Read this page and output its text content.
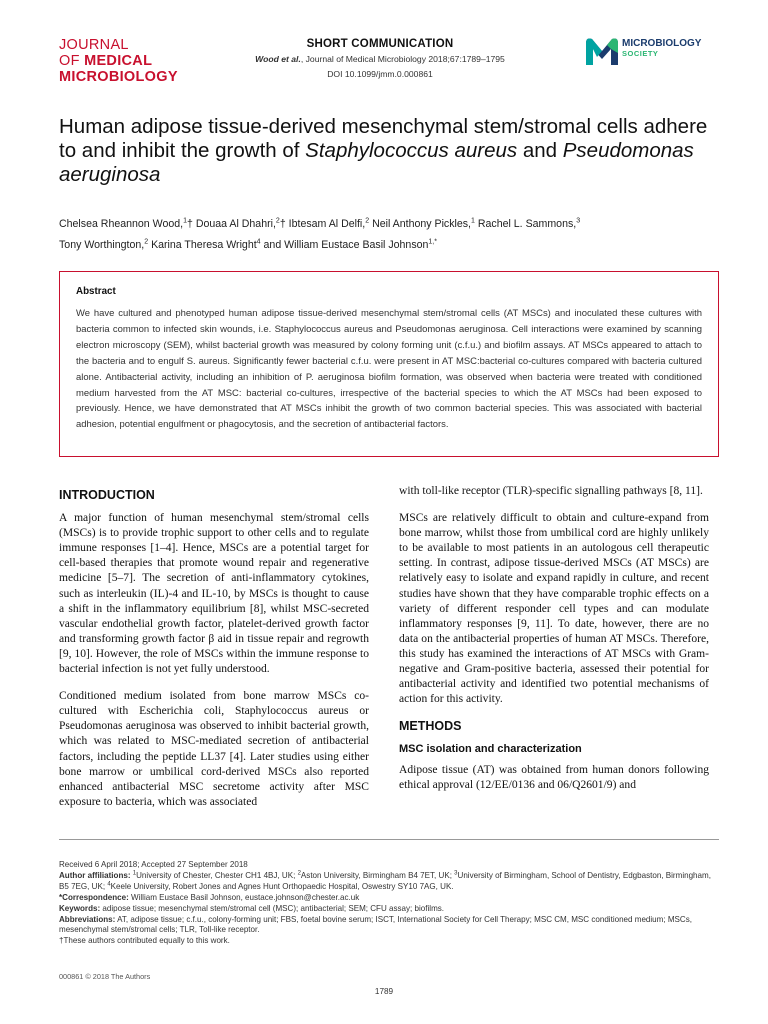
JOURNAL
OF MEDICAL
MICROBIOLOGY
SHORT COMMUNICATION
Wood et al., Journal of Medical Microbiology 2018;67:1789–1795
DOI 10.1099/jmm.0.000861
MICROBIOLOGY
SOCIETY
Human adipose tissue-derived mesenchymal stem/stromal cells adhere to and inhibit the growth of Staphylococcus aureus and Pseudomonas aeruginosa
Chelsea Rheannon Wood,$^1$† Douaa Al Dhahri,$^2$† Ibtesam Al Delfi,$^2$ Neil Anthony Pickles,$^1$ Rachel L. Sammons,$^3$
Tony Worthington,$^2$ Karina Theresa Wright$^4$ and William Eustace Basil Johnson$^{1,*}$
Abstract
We have cultured and phenotyped human adipose tissue-derived mesenchymal stem/stromal cells (AT MSCs) and inoculated these cultures with bacteria common to infected skin wounds, i.e. Staphylococcus aureus and Pseudomonas aeruginosa. Cell interactions were examined by scanning electron microscopy (SEM), whilst bacterial growth was measured by colony forming unit (c.f.u.) and biofilm assays. AT MSCs appeared to attach to the bacteria and to engulf S. aureus. Significantly fewer bacterial c.f.u. were present in AT MSC:bacterial co-cultures compared with bacteria cultured alone. Antibacterial activity, including an inhibition of P. aeruginosa biofilm formation, was observed when bacteria were treated with conditioned medium harvested from the AT MSC: bacterial co-cultures, irrespective of the bacterial species to which the AT MSCs had been exposed to previously. Hence, we have demonstrated that AT MSCs inhibit the growth of two common bacterial species. This was associated with bacterial adhesion, potential engulfment or phagocytosis, and the secretion of antibacterial factors.
INTRODUCTION

A major function of human mesenchymal stem/stromal cells (MSCs) is to provide trophic support to other cells and to regulate immune responses [1–4]. Hence, MSCs are a potential target for cell-based therapies that promote wound repair and regenerative medicine [5–7]. The secretion of anti-inflammatory cytokines, such as interleukin (IL)-4 and IL-10, by MSCs is thought to cause a shift in the inflammatory equilibrium [8], whilst MSC-secreted vascular endothelial growth factor, platelet-derived growth factor and transforming growth factor β aid in tissue repair and regrowth [9, 10]. However, the role of MSCs within the immune response to bacterial infection is not yet fully understood.

Conditioned medium isolated from bone marrow MSCs co-cultured with Escherichia coli, Staphylococcus aureus or Pseudomonas aeruginosa was observed to inhibit bacterial growth, which was related to MSC-mediated secretion of antibacterial factors, including the peptide LL37 [4]. Later studies using either bone marrow or umbilical cord-derived MSCs also reported enhanced antibacterial MSC secretome activity after MSC exposure to bacteria, which was associated

with toll-like receptor (TLR)-specific signalling pathways [8, 11].

MSCs are relatively difficult to obtain and culture-expand from bone marrow, whilst those from umbilical cord are highly unlikely to be available to most patients in an autologous cell therapeutic setting. In contrast, adipose tissue-derived MSCs (AT MSCs) are relatively easy to isolate and expand rapidly in culture, and recent studies have shown that they have comparable trophic effects on a variety of different responder cell types and can modulate inflammatory responses [9, 11]. To date, however, there are no data on the antibacterial properties of human AT MSCs. Therefore, this study has examined the interactions of AT MSCs with Gram-negative and Gram-positive bacteria, assessed their potential for antibacterial activity and identified two potential mechanisms of action for this activity.

METHODS
MSC isolation and characterization

Adipose tissue (AT) was obtained from human donors following ethical approval (12/EE/0136 and 06/Q2601/9) and

Received 6 April 2018; Accepted 27 September 2018
Author affiliations: $^1$University of Chester, Chester CH1 4BJ, UK; $^2$Aston University, Birmingham B4 7ET, UK; $^3$University of Birmingham, School of Dentistry, Edgbaston, Birmingham, B5 7EG, UK; $^4$Keele University, Robert Jones and Agnes Hunt Orthopaedic Hospital, Oswestry SY10 7AG, UK.
*Correspondence: William Eustace Basil Johnson, eustace.johnson@chester.ac.uk
Keywords: adipose tissue; mesenchymal stem/stromal cell (MSC); antibacterial; SEM; CFU assay; biofilms.
Abbreviations: AT, adipose tissue; c.f.u., colony-forming unit; FBS, foetal bovine serum; ISCT, International Society for Cell Therapy; MSC CM, MSC conditioned medium; MSCs, mesenchymal stem/stromal cells; TLR, Toll-like receptor.
†These authors contributed equally to this work.
000861 © 2018 The Authors
1789
